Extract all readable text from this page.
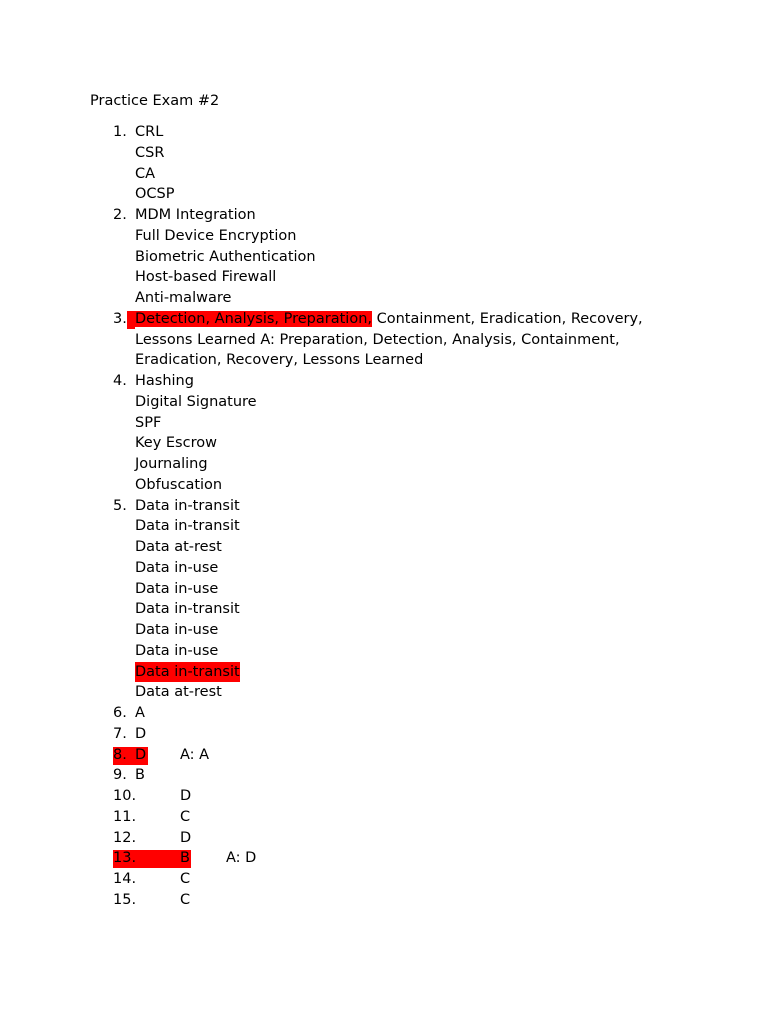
Practice Exam #2
1. CRL
CSR
CA
OCSP
2. MDM Integration
Full Device Encryption
Biometric Authentication
Host-based Firewall
Anti-malware
3. Detection, Analysis, Preparation, Containment, Eradication, Recovery,
Lessons Learned A: Preparation, Detection, Analysis, Containment,
Eradication, Recovery, Lessons Learned
4. Hashing
Digital Signature
SPF
Key Escrow
Journaling
Obfuscation
5. Data in-transit
Data in-transit
Data at-rest
Data in-use
Data in-use
Data in-transit
Data in-use
Data in-use
Data in-transit
Data at-rest
6. A
7. D
8. D A: A
9. B
10.	D
11.	C
12.	D
13.	B A: D
14.	C
15.	C
